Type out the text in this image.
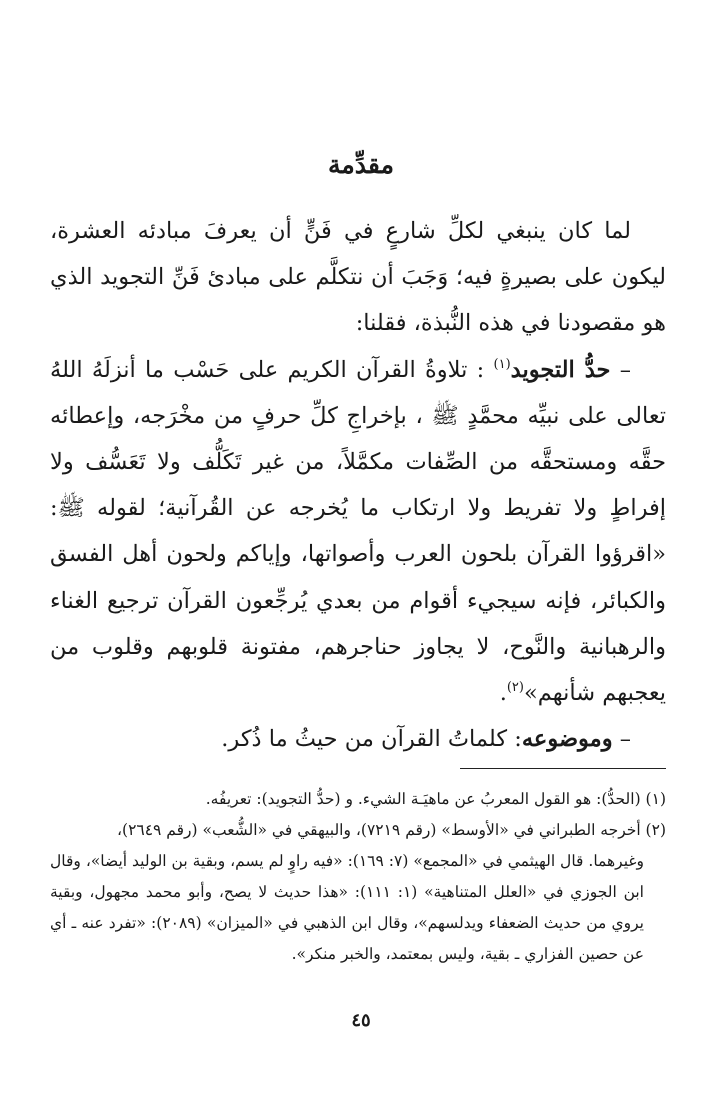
مقدِّمة

لما كان ينبغي لكلِّ شارعٍ في فَنٍّ أن يعرفَ مبادئه العشرة، ليكون على بصيرةٍ فيه؛ وَجَبَ أن نتكلَّم على مبادئ فَنِّ التجويد الذي هو مقصودنا في هذه النُّبذة، فقلنا:

– حدُّ التجويد$^{(١)}$ : تلاوةُ القرآن الكريم على حَسْب ما أنزلَهُ اللهُ تعالى على نبيِّه محمَّدٍ ﷺ ، بإخراجِ كلِّ حرفٍ من مخْرَجه، وإعطائه حقَّه ومستحقَّه من الصِّفات مكمَّلاً، من غير تَكَلُّف ولا تَعَسُّف ولا إفراطٍ ولا تفريط ولا ارتكاب ما يُخرجه عن القُرآنية؛ لقوله ﷺ: «اقرؤوا القرآن بلحون العرب وأصواتها، وإياكم ولحون أهل الفسق والكبائر، فإنه سيجيء أقوام من بعدي يُرجِّعون القرآن ترجيع الغناء والرهبانية والنَّوح، لا يجاوز حناجرهم، مفتونة قلوبهم وقلوب من يعجبهم شأنهم»$^{(٢)}$.

– وموضوعه: كلماتُ القرآن من حيثُ ما ذُكر.

(١) (الحدُّ): هو القول المعربُ عن ماهيَـة الشيء. و (حدُّ التجويد): تعريفُه.

(٢) أخرجه الطبراني في «الأوسط» (رقم ٧٢١٩)، والبيهقي في «الشُّعب» (رقم ٢٦٤٩)،

وغيرهما. قال الهيثمي في «المجمع» (٧: ١٦٩): «فيه راوٍ لم يسم، وبقية بن الوليد أيضا»، وقال ابن الجوزي في «العلل المتناهية» (١: ١١١): «هذا حديث لا يصح، وأبو محمد مجهول، وبقية يروي من حديث الضعفاء ويدلسهم»، وقال ابن الذهبي في «الميزان» (٢٠٨٩): «تفرد عنه ـ أي عن حصين الفزاري ـ بقية، وليس بمعتمد، والخبر منكر».

٤٥
